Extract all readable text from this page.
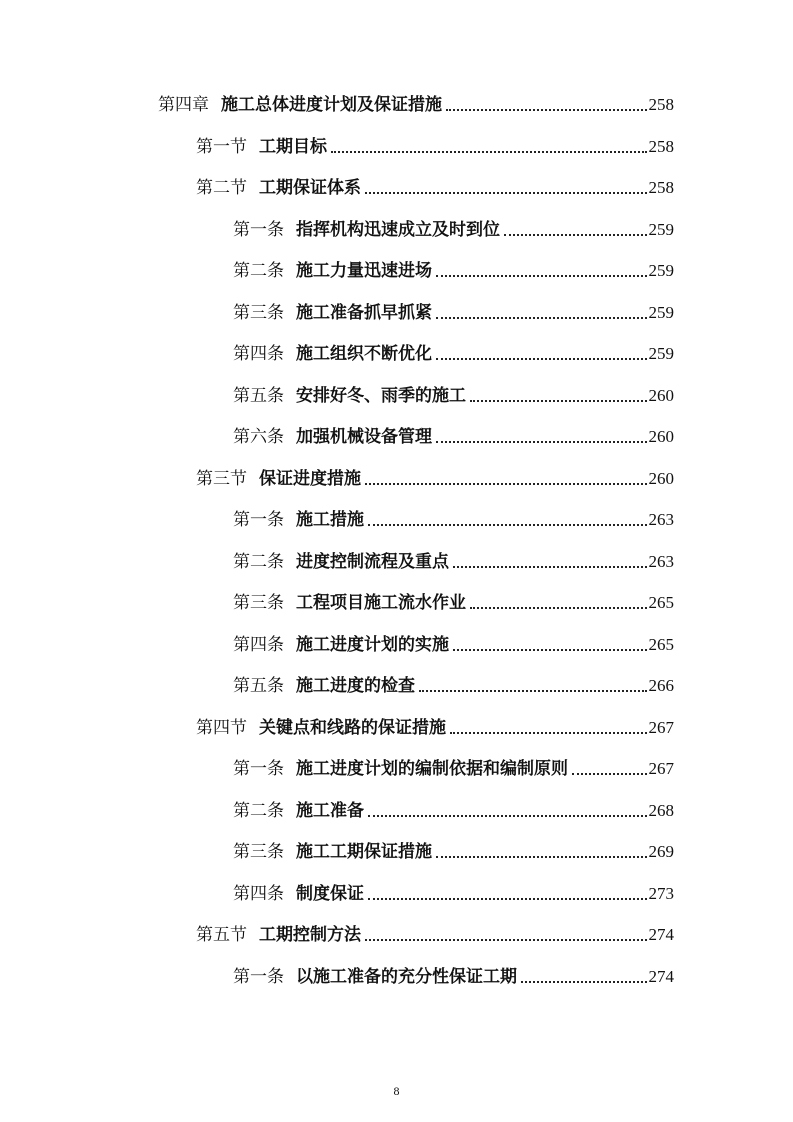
第四章 施工总体进度计划及保证措施	258
第一节 工期目标	258
第二节 工期保证体系	258
第一条 指挥机构迅速成立及时到位	259
第二条 施工力量迅速进场	259
第三条 施工准备抓早抓紧	259
第四条 施工组织不断优化	259
第五条 安排好冬、雨季的施工	260
第六条 加强机械设备管理	260
第三节 保证进度措施	260
第一条 施工措施	263
第二条 进度控制流程及重点	263
第三条 工程项目施工流水作业	265
第四条 施工进度计划的实施	265
第五条 施工进度的检查	266
第四节 关键点和线路的保证措施	267
第一条 施工进度计划的编制依据和编制原则	267
第二条 施工准备	268
第三条 施工工期保证措施	269
第四条 制度保证	273
第五节 工期控制方法	274
第一条 以施工准备的充分性保证工期	274
8
